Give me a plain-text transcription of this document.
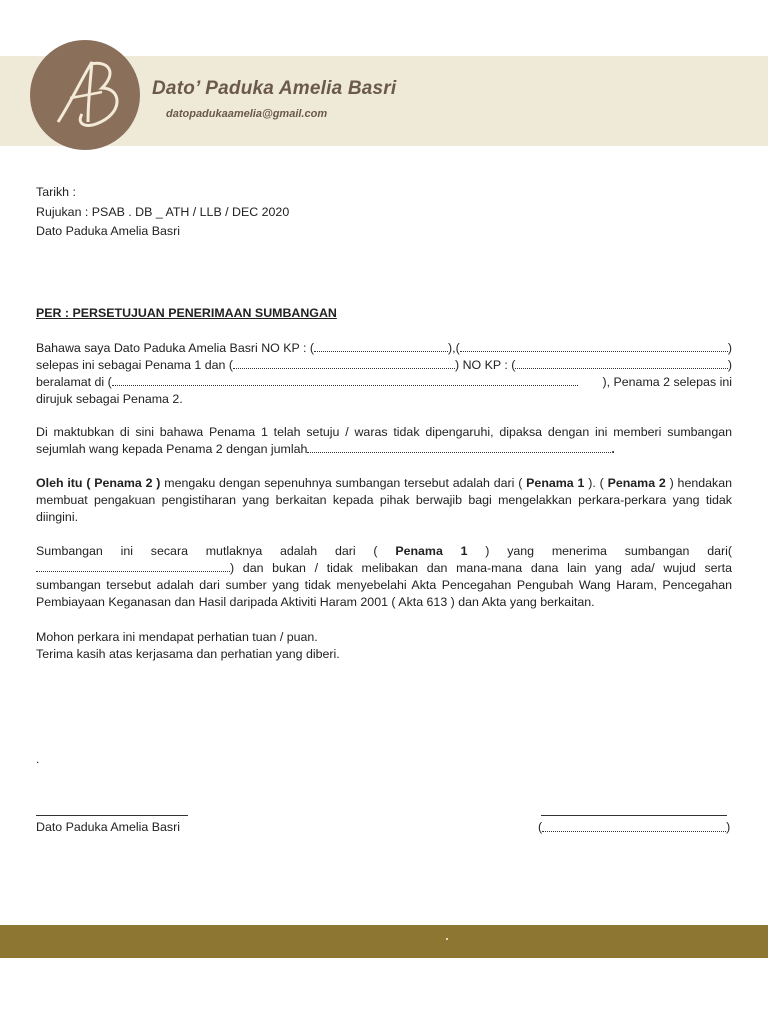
Dato’ Paduka Amelia Basri
datopadukaamelia@gmail.com
Tarikh :
Rujukan : PSAB . DB _ ATH / LLB / DEC 2020
Dato Paduka Amelia Basri
PER : PERSETUJUAN PENERIMAAN SUMBANGAN
Bahawa saya Dato Paduka Amelia Basri NO KP : (	),(	)
selepas ini sebagai Penama 1 dan (	) NO KP : (	)
beralamat di (	), Penama 2 selepas ini
dirujuk sebagai Penama 2.
Di maktubkan di sini bahawa Penama 1 telah setuju / waras tidak dipengaruhi, dipaksa dengan ini memberi sumbangan sejumlah wang kepada Penama 2 dengan jumlah	.
Oleh itu ( Penama 2 ) mengaku dengan sepenuhnya sumbangan tersebut adalah dari ( Penama 1 ). ( Penama 2 ) hendakan membuat pengakuan pengistiharan yang berkaitan kepada pihak berwajib bagi mengelakkan perkara-perkara yang tidak diingini.
Sumbangan ini secara mutlaknya adalah dari ( Penama 1 ) yang menerima sumbangan dari( ) dan bukan / tidak melibakan dan mana-mana dana lain yang ada/ wujud serta sumbangan tersebut adalah dari sumber yang tidak menyebelahi Akta Pencegahan Pengubah Wang Haram, Pencegahan Pembiayaan Keganasan dan Hasil daripada Aktiviti Haram 2001 ( Akta 613 ) dan Akta yang berkaitan.
Mohon perkara ini mendapat perhatian tuan / puan.
Terima kasih atas kerjasama dan perhatian yang diberi.
.
Dato Paduka Amelia Basri	(	)
